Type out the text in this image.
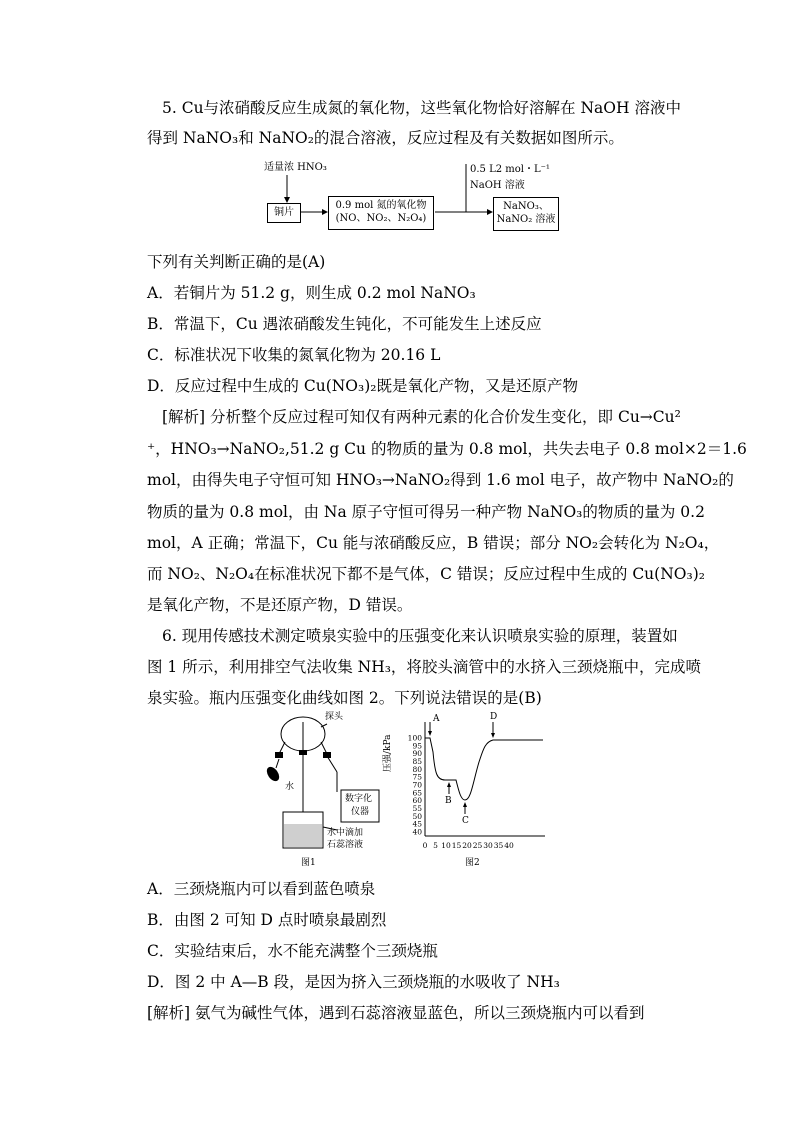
5. Cu与浓硝酸反应生成氮的氧化物，这些氧化物恰好溶解在 NaOH 溶液中
得到 NaNO₃和 NaNO₂的混合溶液，反应过程及有关数据如图所示。
适量浓 HNO₃
铜片
0.9 mol 氮的氧化物
(NO、NO₂、N₂O₄)
0.5 L2 mol・L⁻¹
NaOH 溶液
NaNO₃、
NaNO₂ 溶液
下列有关判断正确的是(A)
A．若铜片为 51.2 g，则生成 0.2 mol NaNO₃
B．常温下，Cu 遇浓硝酸发生钝化，不可能发生上述反应
C．标准状况下收集的氮氧化物为 20.16 L
D．反应过程中生成的 Cu(NO₃)₂既是氧化产物，又是还原产物
[解析] 分析整个反应过程可知仅有两种元素的化合价发生变化，即 Cu→Cu²
⁺，HNO₃→NaNO₂,51.2 g Cu 的物质的量为 0.8 mol，共失去电子 0.8 mol×2＝1.6
mol，由得失电子守恒可知 HNO₃→NaNO₂得到 1.6 mol 电子，故产物中 NaNO₂的
物质的量为 0.8 mol，由 Na 原子守恒可得另一种产物 NaNO₃的物质的量为 0.2
mol，A 正确；常温下，Cu 能与浓硝酸反应，B 错误；部分 NO₂会转化为 N₂O₄，
而 NO₂、N₂O₄在标准状况下都不是气体，C 错误；反应过程中生成的 Cu(NO₃)₂
是氧化产物，不是还原产物，D 错误。
6. 现用传感技术测定喷泉实验中的压强变化来认识喷泉实验的原理，装置如
图 1 所示，利用排空气法收集 NH₃，将胶头滴管中的水挤入三颈烧瓶中，完成喷
泉实验。瓶内压强变化曲线如图 2。下列说法错误的是(B)
探头
水
数字化
仪器
水中滴加
石蕊溶液
图1
40
45
50
55
60
65
70
75
80
85
90
95
100
0 5 10 15 20 25 30 35 40
A
B
C
D
压强/kPa
图2
A．三颈烧瓶内可以看到蓝色喷泉
B．由图 2 可知 D 点时喷泉最剧烈
C．实验结束后，水不能充满整个三颈烧瓶
D．图 2 中 A—B 段，是因为挤入三颈烧瓶的水吸收了 NH₃
[解析] 氨气为碱性气体，遇到石蕊溶液显蓝色，所以三颈烧瓶内可以看到
